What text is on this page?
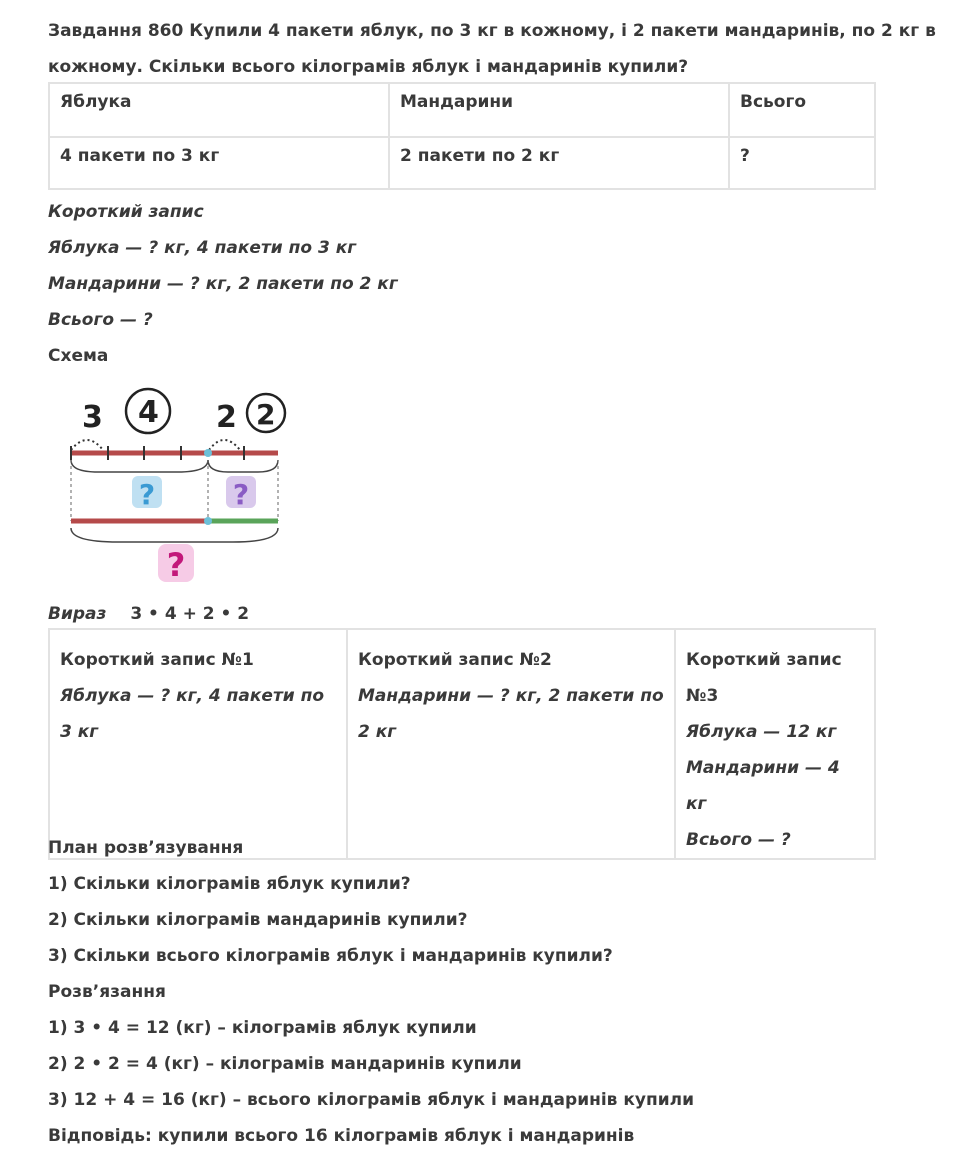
Завдання 860 Купили 4 пакети яблук, по 3 кг в кожному, і 2 пакети мандаринів, по 2 кг в
кожному. Скільки всього кілограмів яблук і мандаринів купили?
Яблука	Мандарини	Всього
4 пакети по 3 кг	2 пакети по 2 кг	?
Короткий запис
Яблука — ? кг, 4 пакети по 3 кг
Мандарини — ? кг, 2 пакети по 2 кг
Всього — ?
Схема
3 4 2 2
?	?
?
Вираз 3 • 4 + 2 • 2
Короткий запис №1
Яблука — ? кг, 4 пакети по
3 кг

Короткий запис №2
Мандарини — ? кг, 2 пакети по
2 кг

Короткий запис
№3
Яблука — 12 кг
Мандарини — 4 кг
Всього — ?
План розв’язування
1) Скільки кілограмів яблук купили?
2) Скільки кілограмів мандаринів купили?
3) Скільки всього кілограмів яблук і мандаринів купили?
Розв’язання
1) 3 • 4 = 12 (кг) – кілограмів яблук купили
2) 2 • 2 = 4 (кг) – кілограмів мандаринів купили
3) 12 + 4 = 16 (кг) – всього кілограмів яблук і мандаринів купили
Відповідь: купили всього 16 кілограмів яблук і мандаринів
